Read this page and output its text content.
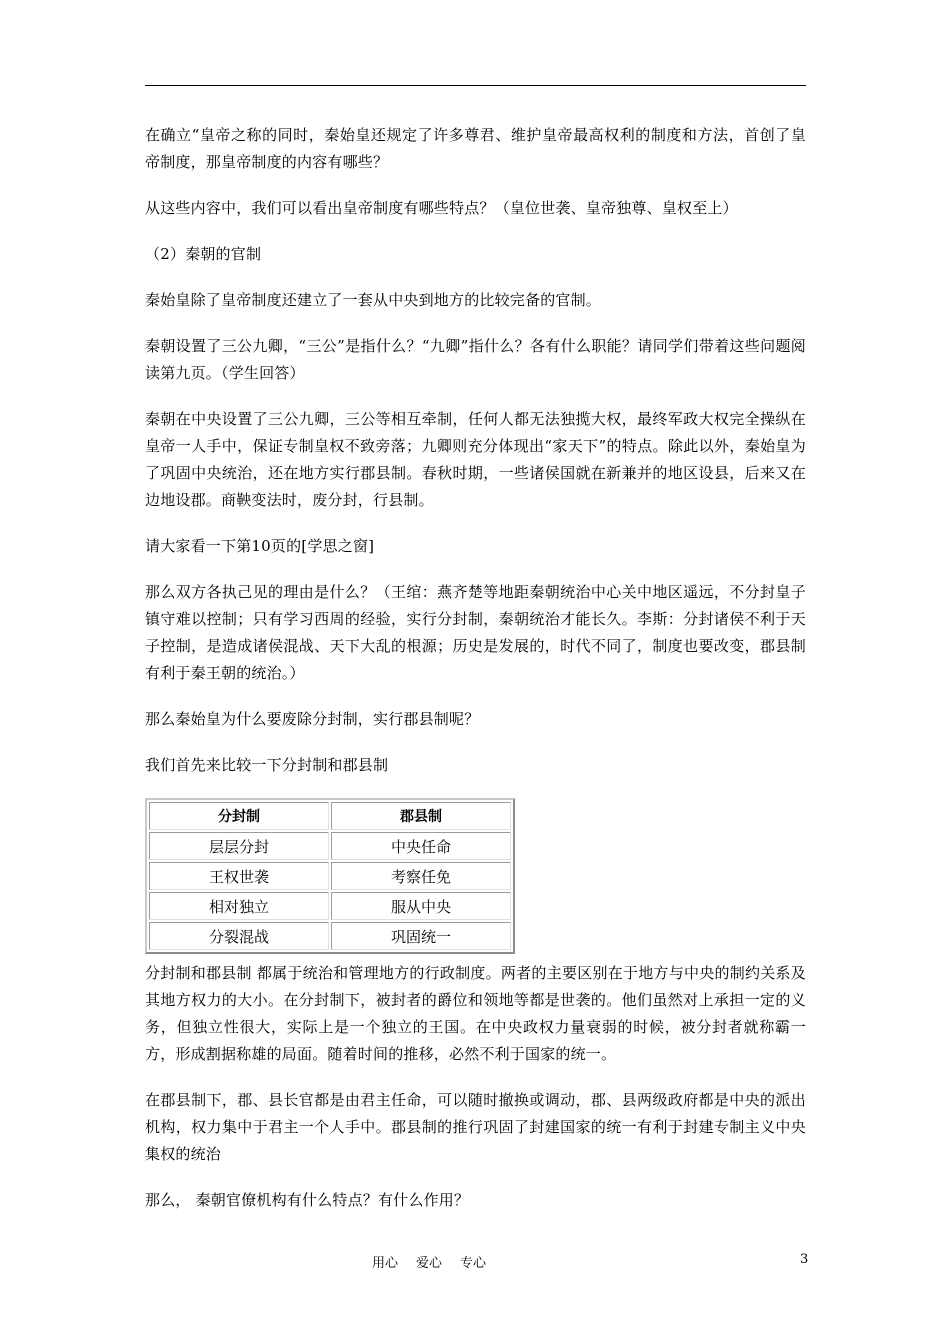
在确立“皇帝之称的同时，秦始皇还规定了许多尊君、维护皇帝最高权利的制度和方法，首创了皇帝制度，那皇帝制度的内容有哪些？

从这些内容中，我们可以看出皇帝制度有哪些特点？（皇位世袭、皇帝独尊、皇权至上）

（2）秦朝的官制

秦始皇除了皇帝制度还建立了一套从中央到地方的比较完备的官制。

秦朝设置了三公九卿，“三公”是指什么？“九卿”指什么？各有什么职能？请同学们带着这些问题阅读第九页。（学生回答）

秦朝在中央设置了三公九卿，三公等相互牵制，任何人都无法独揽大权，最终军政大权完全操纵在皇帝一人手中，保证专制皇权不致旁落；九卿则充分体现出“家天下”的特点。除此以外，秦始皇为了巩固中央统治，还在地方实行郡县制。春秋时期，一些诸侯国就在新兼并的地区设县，后来又在边地设郡。商鞅变法时，废分封，行县制。

请大家看一下第10页的[学思之窗]

那么双方各执己见的理由是什么？（王绾：燕齐楚等地距秦朝统治中心关中地区遥远，不分封皇子镇守难以控制；只有学习西周的经验，实行分封制，秦朝统治才能长久。李斯：分封诸侯不利于天子控制，是造成诸侯混战、天下大乱的根源；历史是发展的，时代不同了，制度也要改变，郡县制有利于秦王朝的统治。）

那么秦始皇为什么要废除分封制，实行郡县制呢？

我们首先来比较一下分封制和郡县制

分封制	郡县制
层层分封	中央任命
王权世袭	考察任免
相对独立	服从中央
分裂混战	巩固统一

分封制和郡县制 都属于统治和管理地方的行政制度。两者的主要区别在于地方与中央的制约关系及其地方权力的大小。在分封制下，被封者的爵位和领地等都是世袭的。他们虽然对上承担一定的义务，但独立性很大，实际上是一个独立的王国。在中央政权力量衰弱的时候，被分封者就称霸一方，形成割据称雄的局面。随着时间的推移，必然不利于国家的统一。

在郡县制下，郡、县长官都是由君主任命，可以随时撤换或调动，郡、县两级政府都是中央的派出机构，权力集中于君主一个人手中。郡县制的推行巩固了封建国家的统一有利于封建专制主义中央集权的统治

那么， 秦朝官僚机构有什么特点？有什么作用？

用心 爱心 专心	3
